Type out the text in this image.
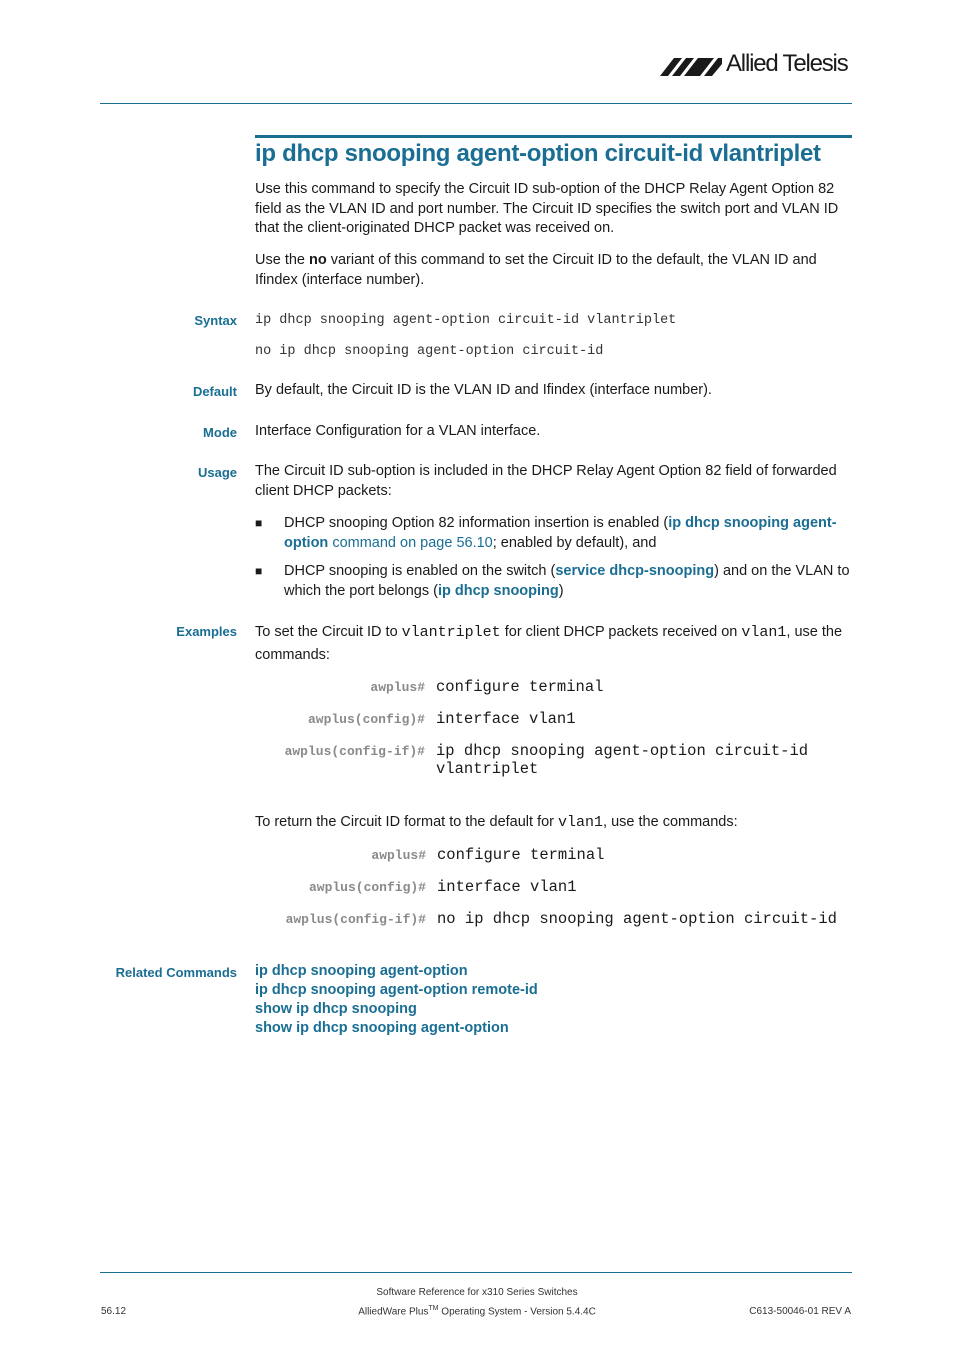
Allied Telesis
ip dhcp snooping agent-option circuit-id vlantriplet
Use this command to specify the Circuit ID sub-option of the DHCP Relay Agent Option 82 field as the VLAN ID and port number. The Circuit ID specifies the switch port and VLAN ID that the client-originated DHCP packet was received on.
Use the no variant of this command to set the Circuit ID to the default, the VLAN ID and Ifindex (interface number).
Syntax ip dhcp snooping agent-option circuit-id vlantriplet
no ip dhcp snooping agent-option circuit-id
Default By default, the Circuit ID is the VLAN ID and Ifindex (interface number).
Mode Interface Configuration for a VLAN interface.
Usage The Circuit ID sub-option is included in the DHCP Relay Agent Option 82 field of forwarded client DHCP packets:
■ DHCP snooping Option 82 information insertion is enabled (ip dhcp snooping agent-option command on page 56.10; enabled by default), and
■ DHCP snooping is enabled on the switch (service dhcp-snooping) and on the VLAN to which the port belongs (ip dhcp snooping)
Examples To set the Circuit ID to vlantriplet for client DHCP packets received on vlan1, use the commands:
awplus# configure terminal
awplus(config)# interface vlan1
awplus(config-if)# ip dhcp snooping agent-option circuit-id
vlantriplet
To return the Circuit ID format to the default for vlan1, use the commands:
awplus# configure terminal
awplus(config)# interface vlan1
awplus(config-if)# no ip dhcp snooping agent-option circuit-id
Related Commands ip dhcp snooping agent-option
ip dhcp snooping agent-option remote-id
show ip dhcp snooping
show ip dhcp snooping agent-option
Software Reference for x310 Series Switches
AlliedWare Plus™ Operating System - Version 5.4.4C
56.12	C613-50046-01 REV A
